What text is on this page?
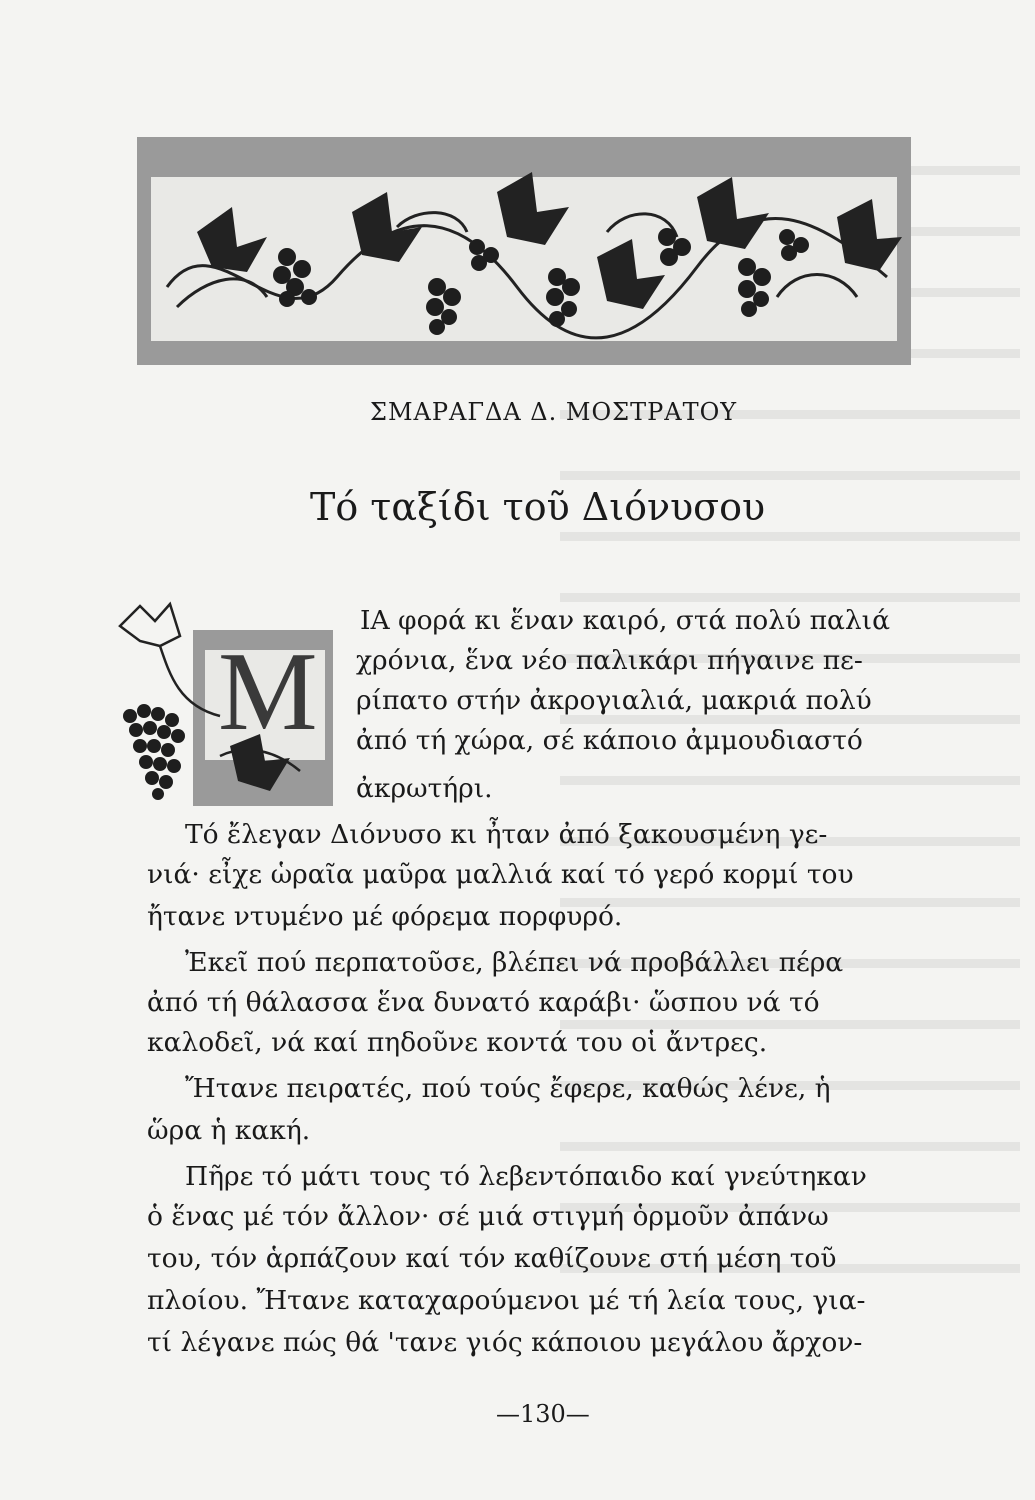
ΣΜΑΡΑΓΔΑ Δ. ΜΟΣΤΡΑΤΟΥ
Τό ταξίδι τοῦ Διόνυσου
Μ
ΙΑ φορά κι ἕναν καιρό, στά πολύ παλιά
χρόνια, ἕνα νέο παλικάρι πήγαινε πε-
ρίπατο στήν ἀκρογιαλιά, μακριά πολύ
ἀπό τή χώρα, σέ κάποιο ἀμμουδιαστό
ἀκρωτήρι.
Τό ἔλεγαν Διόνυσο κι ἦταν ἀπό ξακουσμένη γε-
νιά· εἶχε ὡραῖα μαῦρα μαλλιά καί τό γερό κορμί του
ἤτανε ντυμένο μέ φόρεμα πορφυρό.
Ἐκεῖ πού περπατοῦσε, βλέπει νά προβάλλει πέρα
ἀπό τή θάλασσα ἕνα δυνατό καράβι· ὥσπου νά τό
καλοδεῖ, νά καί πηδοῦνε κοντά του οἱ ἄντρες.
Ἤτανε πειρατές, πού τούς ἔφερε, καθώς λένε, ἡ
ὥρα ἡ κακή.
Πῆρε τό μάτι τους τό λεβεντόπαιδο καί γνεύτηκαν
ὁ ἕνας μέ τόν ἄλλον· σέ μιά στιγμή ὁρμοῦν ἀπάνω
του, τόν ἁρπάζουν καί τόν καθίζουνε στή μέση τοῦ
πλοίου. Ἤτανε καταχαρούμενοι μέ τή λεία τους, για-
τί λέγανε πώς θά 'τανε γιός κάποιου μεγάλου ἄρχον-
—130—
